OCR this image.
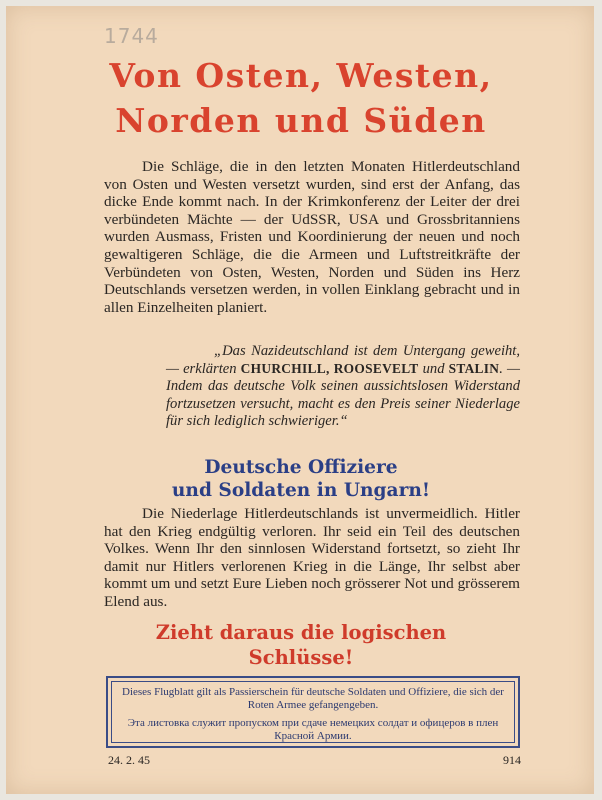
1744
Von Osten, Westen,
Norden und Süden

Die Schläge, die in den letzten Monaten Hitlerdeutschland von Osten und Westen versetzt wurden, sind erst der Anfang, das dicke Ende kommt nach. In der Krimkonferenz der Leiter der drei verbündeten Mächte — der UdSSR, USA und Grossbritanniens wurden Ausmass, Fristen und Koordinierung der neuen und noch gewaltigeren Schläge, die die Armeen und Luftstreitkräfte der Verbündeten von Osten, Westen, Norden und Süden ins Herz Deutschlands versetzen werden, in vollen Einklang gebracht und in allen Einzelheiten planiert.

„Das Nazideutschland ist dem Untergang geweiht, — erklärten CHURCHILL, ROOSEVELT und STALIN. — Indem das deutsche Volk seinen aussichtslosen Widerstand fortzusetzen versucht, macht es den Preis seiner Niederlage für sich lediglich schwieriger.“

Deutsche Offiziere
und Soldaten in Ungarn!

Die Niederlage Hitlerdeutschlands ist unvermeidlich. Hitler hat den Krieg endgültig verloren. Ihr seid ein Teil des deutschen Volkes. Wenn Ihr den sinnlosen Widerstand fortsetzt, so zieht Ihr damit nur Hitlers verlorenen Krieg in die Länge, Ihr selbst aber kommt um und setzt Eure Lieben noch grösserer Not und grösserem Elend aus.

Zieht daraus die logischen
Schlüsse!

Dieses Flugblatt gilt als Passierschein für deutsche Soldaten und Offiziere, die sich der Roten Armee gefangengeben.

Эта листовка служит пропуском при сдаче немецких солдат и офицеров в плен Красной Армии.

24. 2. 45	914
